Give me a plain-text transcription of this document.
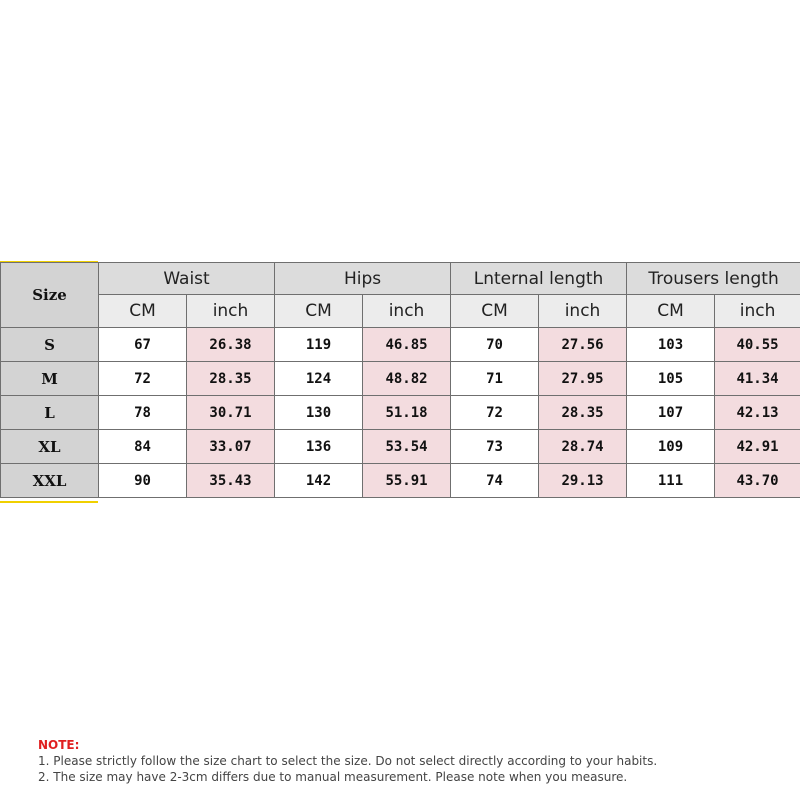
Size	Waist		Hips		Lnternal length		Trousers length	
	CM	inch	CM	inch	CM	inch	CM	inch
S	67	26.38	119	46.85	70	27.56	103	40.55
M	72	28.35	124	48.82	71	27.95	105	41.34
L	78	30.71	130	51.18	72	28.35	107	42.13
XL	84	33.07	136	53.54	73	28.74	109	42.91
XXL	90	35.43	142	55.91	74	29.13	111	43.70
NOTE:
1. Please strictly follow the size chart to select the size. Do not select directly according to your habits.
2. The size may have 2-3cm differs due to manual measurement. Please note when you measure.
